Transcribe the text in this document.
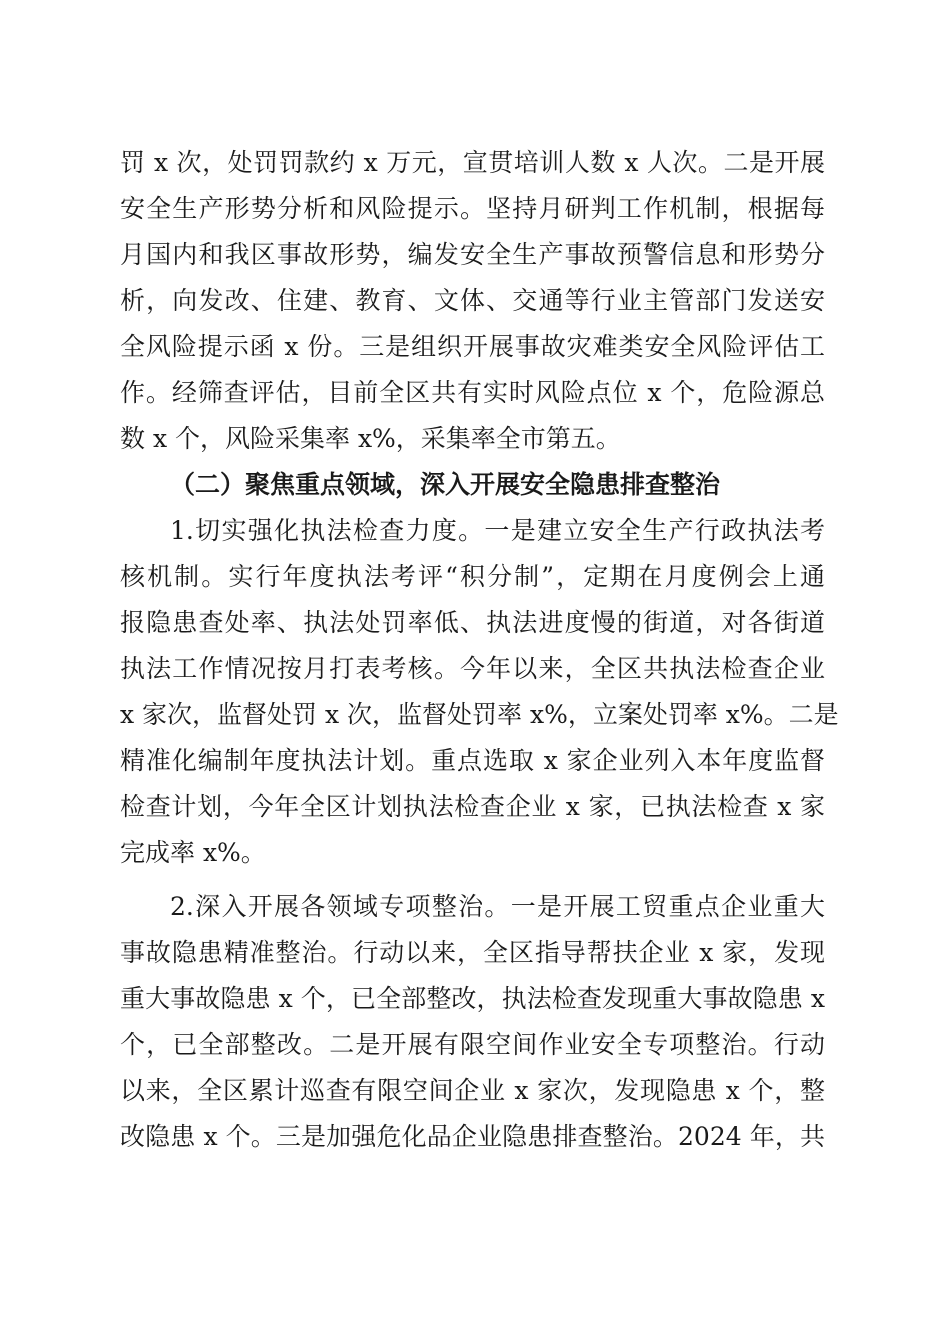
罚 x 次，处罚罚款约 x 万元，宣贯培训人数 x 人次。二是开展
安全生产形势分析和风险提示。坚持月研判工作机制，根据每
月国内和我区事故形势，编发安全生产事故预警信息和形势分
析，向发改、住建、教育、文体、交通等行业主管部门发送安
全风险提示函 x 份。三是组织开展事故灾难类安全风险评估工
作。经筛查评估，目前全区共有实时风险点位 x 个，危险源总
数 x 个，风险采集率 x%，采集率全市第五。
（二）聚焦重点领域，深入开展安全隐患排查整治
1.切实强化执法检查力度。一是建立安全生产行政执法考
核机制。实行年度执法考评“积分制”，定期在月度例会上通
报隐患查处率、执法处罚率低、执法进度慢的街道，对各街道
执法工作情况按月打表考核。今年以来，全区共执法检查企业
x 家次，监督处罚 x 次，监督处罚率 x%，立案处罚率 x%。二是
精准化编制年度执法计划。重点选取 x 家企业列入本年度监督
检查计划，今年全区计划执法检查企业 x 家，已执法检查 x 家
完成率 x%。
2.深入开展各领域专项整治。一是开展工贸重点企业重大
事故隐患精准整治。行动以来，全区指导帮扶企业 x 家，发现
重大事故隐患 x 个，已全部整改，执法检查发现重大事故隐患 x
个，已全部整改。二是开展有限空间作业安全专项整治。行动
以来，全区累计巡查有限空间企业 x 家次，发现隐患 x 个，整
改隐患 x 个。三是加强危化品企业隐患排查整治。2024 年，共
